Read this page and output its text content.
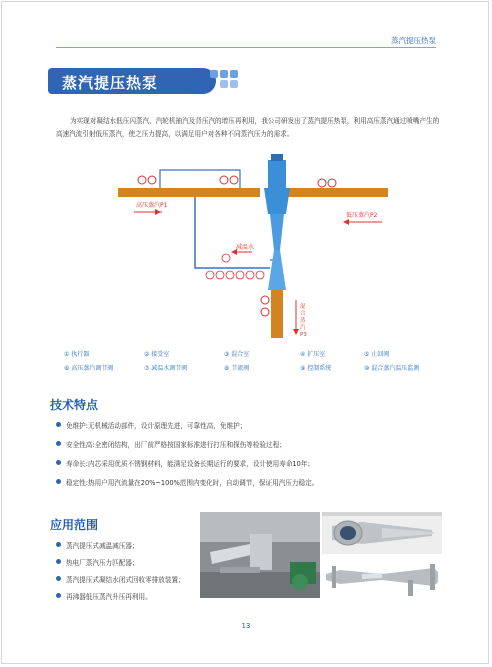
蒸汽提压热泵
蒸汽提压热泵
为实现对凝结水低压闪蒸汽、汽轮机抽汽及背压汽的增压再利用，我公司研发出了蒸汽提压热泵，利用高压蒸汽通过喷嘴产生的高速汽流引射低压蒸汽，使之压力提高，以满足用户对各种不同蒸汽压力的需求。
高压蒸汽P1
低压蒸汽P2
减温水
混
合
蒸
汽
P3
① 执行器	② 接受室	③ 混合室	④ 扩压室	⑤ 止回阀
⑥ 高压蒸汽调节阀	⑦ 减温水调节阀	⑧ 节流阀	⑨ 控制系统	⑩ 混合蒸汽温压监测
技术特点
免维护:无机械活动部件，设计原理先进，可靠性高，免维护；
安全性高:全密闭结构，出厂前严格按国家标准进行打压和探伤等检验过程；
寿命长:内芯采用优质不锈钢材料，能满足设备长期运行的要求，设计使用寿命10年；
稳定性:热用户用汽流量在20%~100%范围内变化时，自动调节，保证用汽压力稳定。
应用范围
蒸汽提压式减温减压器；
热电厂蒸汽压力匹配器；
蒸汽提压式凝结水闭式回收零排放装置；
再沸器低压蒸汽升压再利用。
13
